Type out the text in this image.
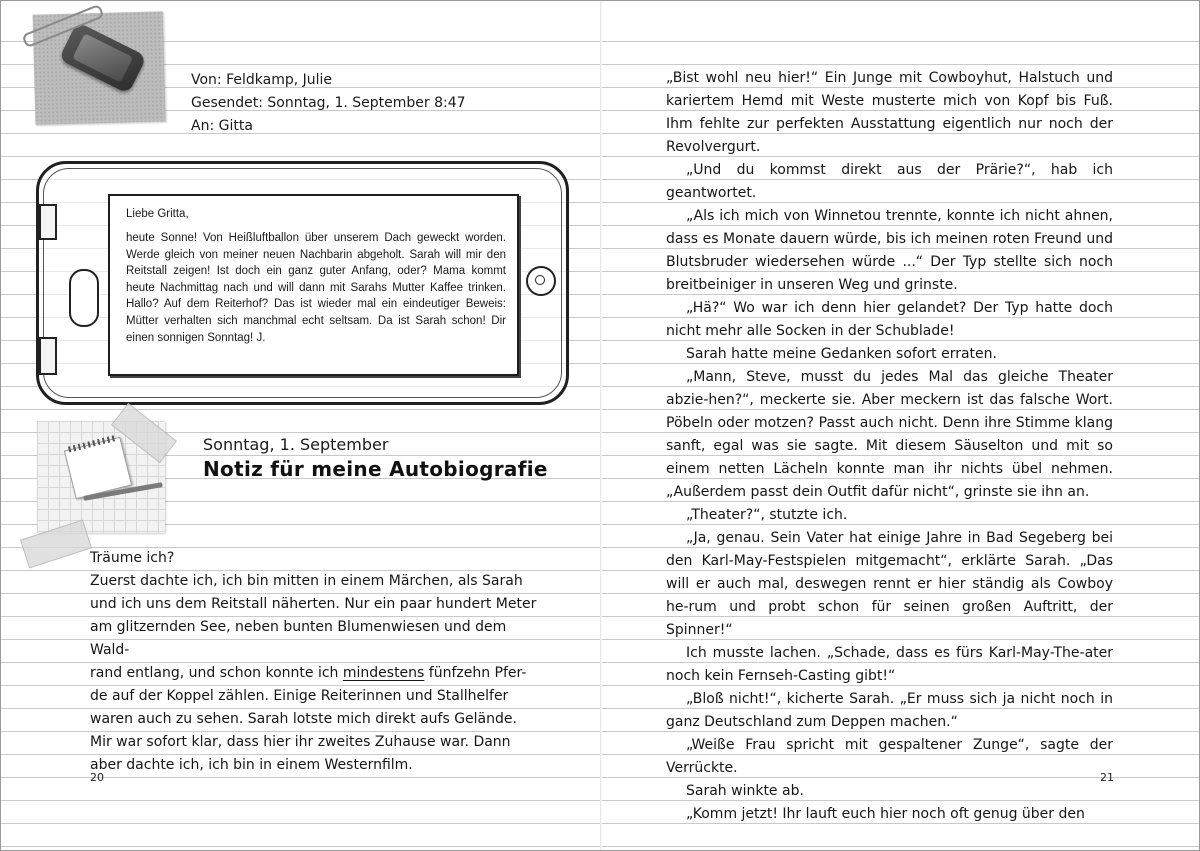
Von: Feldkamp, Julie
Gesendet: Sonntag, 1. September 8:47
An: Gitta
Liebe Gritta,
heute Sonne! Von Heißluftballon über unserem Dach geweckt worden. Werde gleich von meiner neuen Nachbarin abgeholt. Sarah will mir den Reitstall zeigen! Ist doch ein ganz guter Anfang, oder? Mama kommt heute Nachmittag nach und will dann mit Sarahs Mutter Kaffee trinken. Hallo? Auf dem Reiterhof? Das ist wieder mal ein eindeutiger Beweis: Mütter verhalten sich manchmal echt seltsam. Da ist Sarah schon! Dir einen sonnigen Sonntag! J.
Sonntag, 1. September
Notiz für meine Autobiografie

Träume ich?

Zuerst dachte ich, ich bin mitten in einem Märchen, als Sarah

und ich uns dem Reitstall näherten. Nur ein paar hundert Meter

am glitzernden See, neben bunten Blumenwiesen und dem Wald-

rand entlang, und schon konnte ich mindestens fünfzehn Pfer-

de auf der Koppel zählen. Einige Reiterinnen und Stallhelfer

waren auch zu sehen. Sarah lotste mich direkt aufs Gelände.

Mir war sofort klar, dass hier ihr zweites Zuhause war. Dann

aber dachte ich, ich bin in einem Westernfilm.

20

„Bist wohl neu hier!“ Ein Junge mit Cowboyhut, Halstuch und kariertem Hemd mit Weste musterte mich von Kopf bis Fuß. Ihm fehlte zur perfekten Ausstattung eigentlich nur noch der Revolvergurt.

„Und du kommst direkt aus der Prärie?“, hab ich geantwortet.

„Als ich mich von Winnetou trennte, konnte ich nicht ahnen, dass es Monate dauern würde, bis ich meinen roten Freund und Blutsbruder wiedersehen würde ...“ Der Typ stellte sich noch breitbeiniger in unseren Weg und grinste.

„Hä?“ Wo war ich denn hier gelandet? Der Typ hatte doch nicht mehr alle Socken in der Schublade!

Sarah hatte meine Gedanken sofort erraten.

„Mann, Steve, musst du jedes Mal das gleiche Theater abzie-hen?“, meckerte sie. Aber meckern ist das falsche Wort. Pöbeln oder motzen? Passt auch nicht. Denn ihre Stimme klang sanft, egal was sie sagte. Mit diesem Säuselton und mit so einem netten Lächeln konnte man ihr nichts übel nehmen. „Außerdem passt dein Outfit dafür nicht“, grinste sie ihn an.

„Theater?“, stutzte ich.

„Ja, genau. Sein Vater hat einige Jahre in Bad Segeberg bei den Karl-May-Festspielen mitgemacht“, erklärte Sarah. „Das will er auch mal, deswegen rennt er hier ständig als Cowboy he-rum und probt schon für seinen großen Auftritt, der Spinner!“

Ich musste lachen. „Schade, dass es fürs Karl-May-The-ater noch kein Fernseh-Casting gibt!“

„Bloß nicht!“, kicherte Sarah. „Er muss sich ja nicht noch in ganz Deutschland zum Deppen machen.“

„Weiße Frau spricht mit gespaltener Zunge“, sagte der Verrückte.

Sarah winkte ab.

„Komm jetzt! Ihr lauft euch hier noch oft genug über den

21
